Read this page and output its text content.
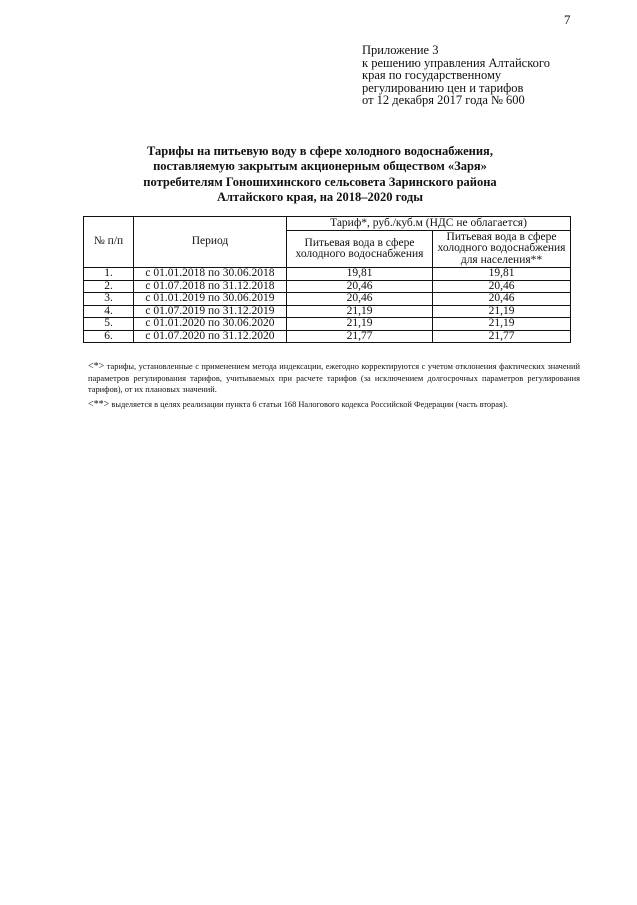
7
Приложение 3
к решению управления Алтайского
края по государственному
регулированию цен и тарифов
от 12 декабря 2017 года № 600
Тарифы на питьевую воду в сфере холодного водоснабжения,
поставляемую закрытым акционерным обществом «Заря»
потребителям Гоношихинского сельсовета Заринского района
Алтайского края, на 2018–2020 годы
№ п/п	Период	Тариф*, руб./куб.м (НДС не облагается)	
		Питьевая вода в сфере холодного водоснабжения	Питьевая вода в сфере холодного водоснабжения для населения**
1.	с 01.01.2018 по 30.06.2018	19,81	19,81
2.	с 01.07.2018 по 31.12.2018	20,46	20,46
3.	с 01.01.2019 по 30.06.2019	20,46	20,46
4.	с 01.07.2019 по 31.12.2019	21,19	21,19
5.	с 01.01.2020 по 30.06.2020	21,19	21,19
6.	с 01.07.2020 по 31.12.2020	21,77	21,77

<*> тарифы, установленные с применением метода индексации, ежегодно корректируются с учетом отклонения фактических значений параметров регулирования тарифов, учитываемых при расчете тарифов (за исключением долгосрочных параметров регулирования тарифов), от их плановых значений.

<**> выделяется в целях реализации пункта 6 статьи 168 Налогового кодекса Российской Федерации (часть вторая).
